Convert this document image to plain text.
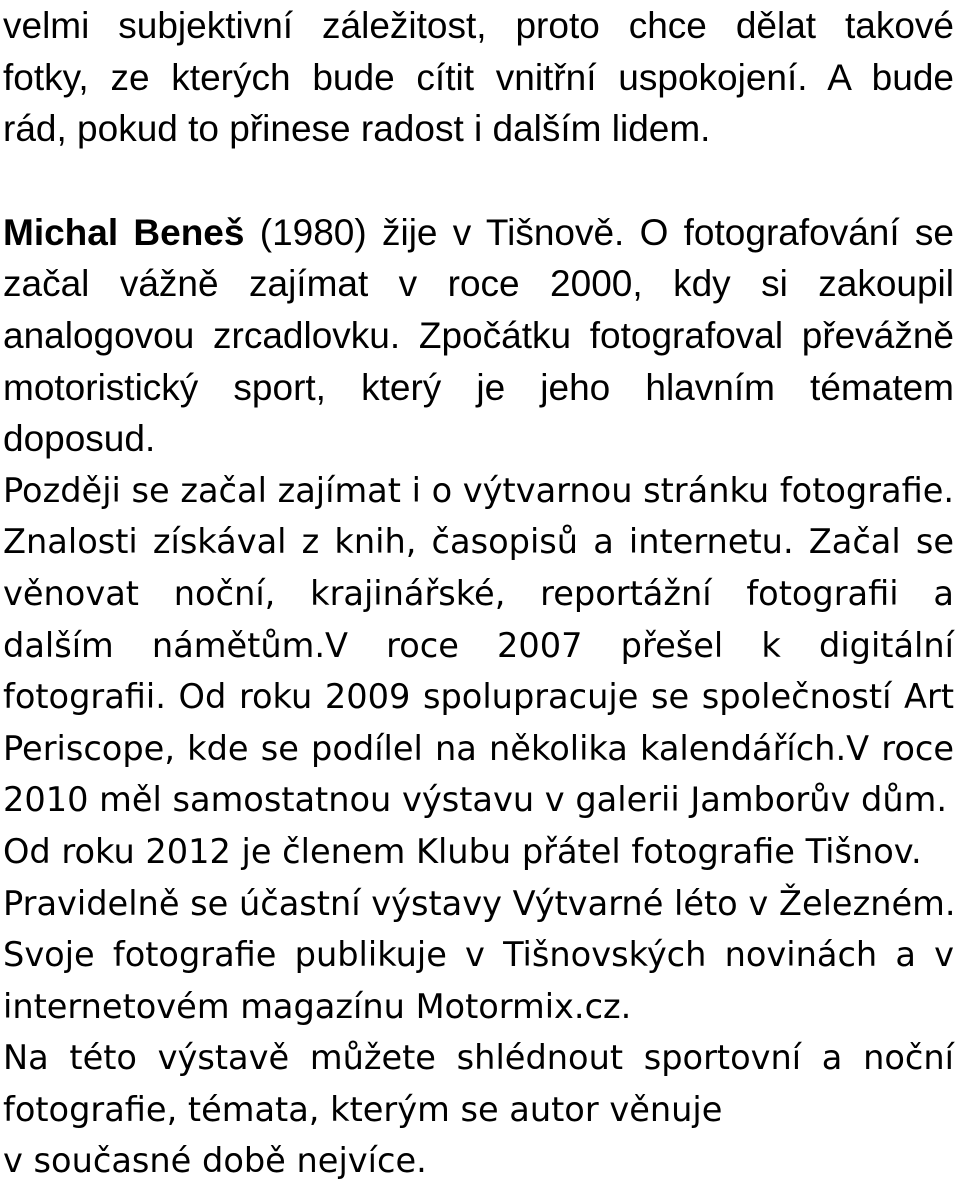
velmi subjektivní záležitost, proto chce dělat takové
fotky, ze kterých bude cítit vnitřní uspokojení. A bude
rád, pokud to přinese radost i dalším lidem.
Michal Beneš (1980) žije v Tišnově. O fotografování se
začal vážně zajímat v roce 2000, kdy si zakoupil
analogovou zrcadlovku. Zpočátku fotografoval převážně
motoristický sport, který je jeho hlavním tématem
doposud.
Později se začal zajímat i o výtvarnou stránku fotografie.
Znalosti získával z knih, časopisů a internetu. Začal se
věnovat noční, krajinářské, reportážní fotografii a
dalším námětům.V roce 2007 přešel k digitální
fotografii. Od roku 2009 spolupracuje se společností Art
Periscope, kde se podílel na několika kalendářích.V roce
2010 měl samostatnou výstavu v galerii Jamborův dům.
Od roku 2012 je členem Klubu přátel fotografie Tišnov.
Pravidelně se účastní výstavy Výtvarné léto v Železném.
Svoje fotografie publikuje v Tišnovských novinách a v
internetovém magazínu Motormix.cz.
Na této výstavě můžete shlédnout sportovní a noční
fotografie, témata, kterým se autor věnuje
v současné době nejvíce.
